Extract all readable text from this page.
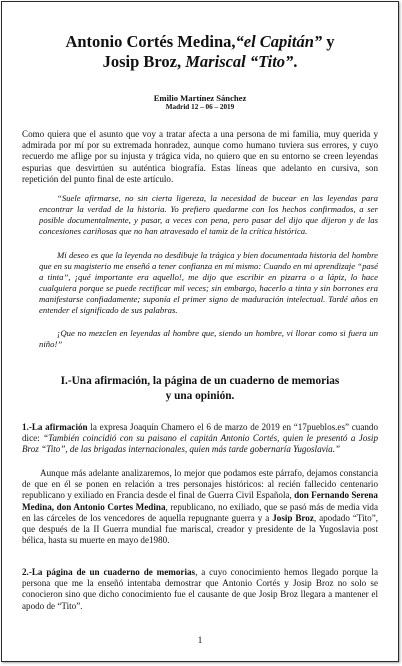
Antonio Cortés Medina,“el Capitán” y
Josip Broz, Mariscal “Tito”.
Emilio Martínez Sánchez
Madrid 12 – 06 – 2019

Como quiera que el asunto que voy a tratar afecta a una persona de mi familia, muy querida y admirada por mí por su extremada honradez, aunque como humano tuviera sus errores, y cuyo recuerdo me aflige por su injusta y trágica vida, no quiero que en su entorno se creen leyendas espurias que desvirtúen su auténtica biografía. Estas líneas que adelanto en cursiva, son repetición del punto final de este artículo.

“Suele afirmarse, no sin cierta ligereza, la necesidad de bucear en las leyendas para encontrar la verdad de la historia. Yo prefiero quedarme con los hechos confirmados, a ser posible documentalmente, y pasar, a veces con pena, pero pasar del dijo que dijeron y de las concesiones cariñosas que no han atravesado el tamiz de la crítica histórica.

Mi deseo es que la leyenda no desdibuje la trágica y bien documentada historia del hombre que en su magisterio me enseñó a tener confianza en mí mismo: Cuando en mi aprendizaje “pasé a tinta”, ¡qué importante era aquello!, me dijo que escribir en pizarra o a lápiz, lo hace cualquiera porque se puede rectificar mil veces; sin embargo, hacerlo a tinta y sin borrones era manifestarse confiadamente; suponía el primer signo de maduración intelectual. Tardé años en entender el significado de sus palabras.

¡Que no mezclen en leyendas al hombre que, siendo un hombre, vi llorar como si fuera un niño!”

I.-Una afirmación, la página de un cuaderno de memorias
y una opinión.

1.-La afirmación la expresa Joaquín Chamero el 6 de marzo de 2019 en “17pueblos.es” cuando dice: “También coincidió con su paisano el capitán Antonio Cortés, quien le presentó a Josip Broz “Tito”, de las brigadas internacionales, quien más tarde gobernaría Yugoslavia.”

Aunque más adelante analizaremos, lo mejor que podamos este párrafo, dejamos constancia de que en él se ponen en relación a tres personajes históricos: al recién fallecido centenario republicano y exiliado en Francia desde el final de Guerra Civil Española, don Fernando Serena Medina, don Antonio Cortes Medina, republicano, no exiliado, que se pasó más de media vida en las cárceles de los vencedores de aquella repugnante guerra y a Josip Broz, apodado “Tito”, que después de la II Guerra mundial fue mariscal, creador y presidente de la Yugoslavia post bélica, hasta su muerte en mayo de1980.

2.-La página de un cuaderno de memorias, a cuyo conocimiento hemos llegado porque la persona que me la enseñó intentaba demostrar que Antonio Cortés y Josip Broz no solo se conocieron sino que dicho conocimiento fue el causante de que Josip Broz llegara a mantener el apodo de “Tito”.

1
